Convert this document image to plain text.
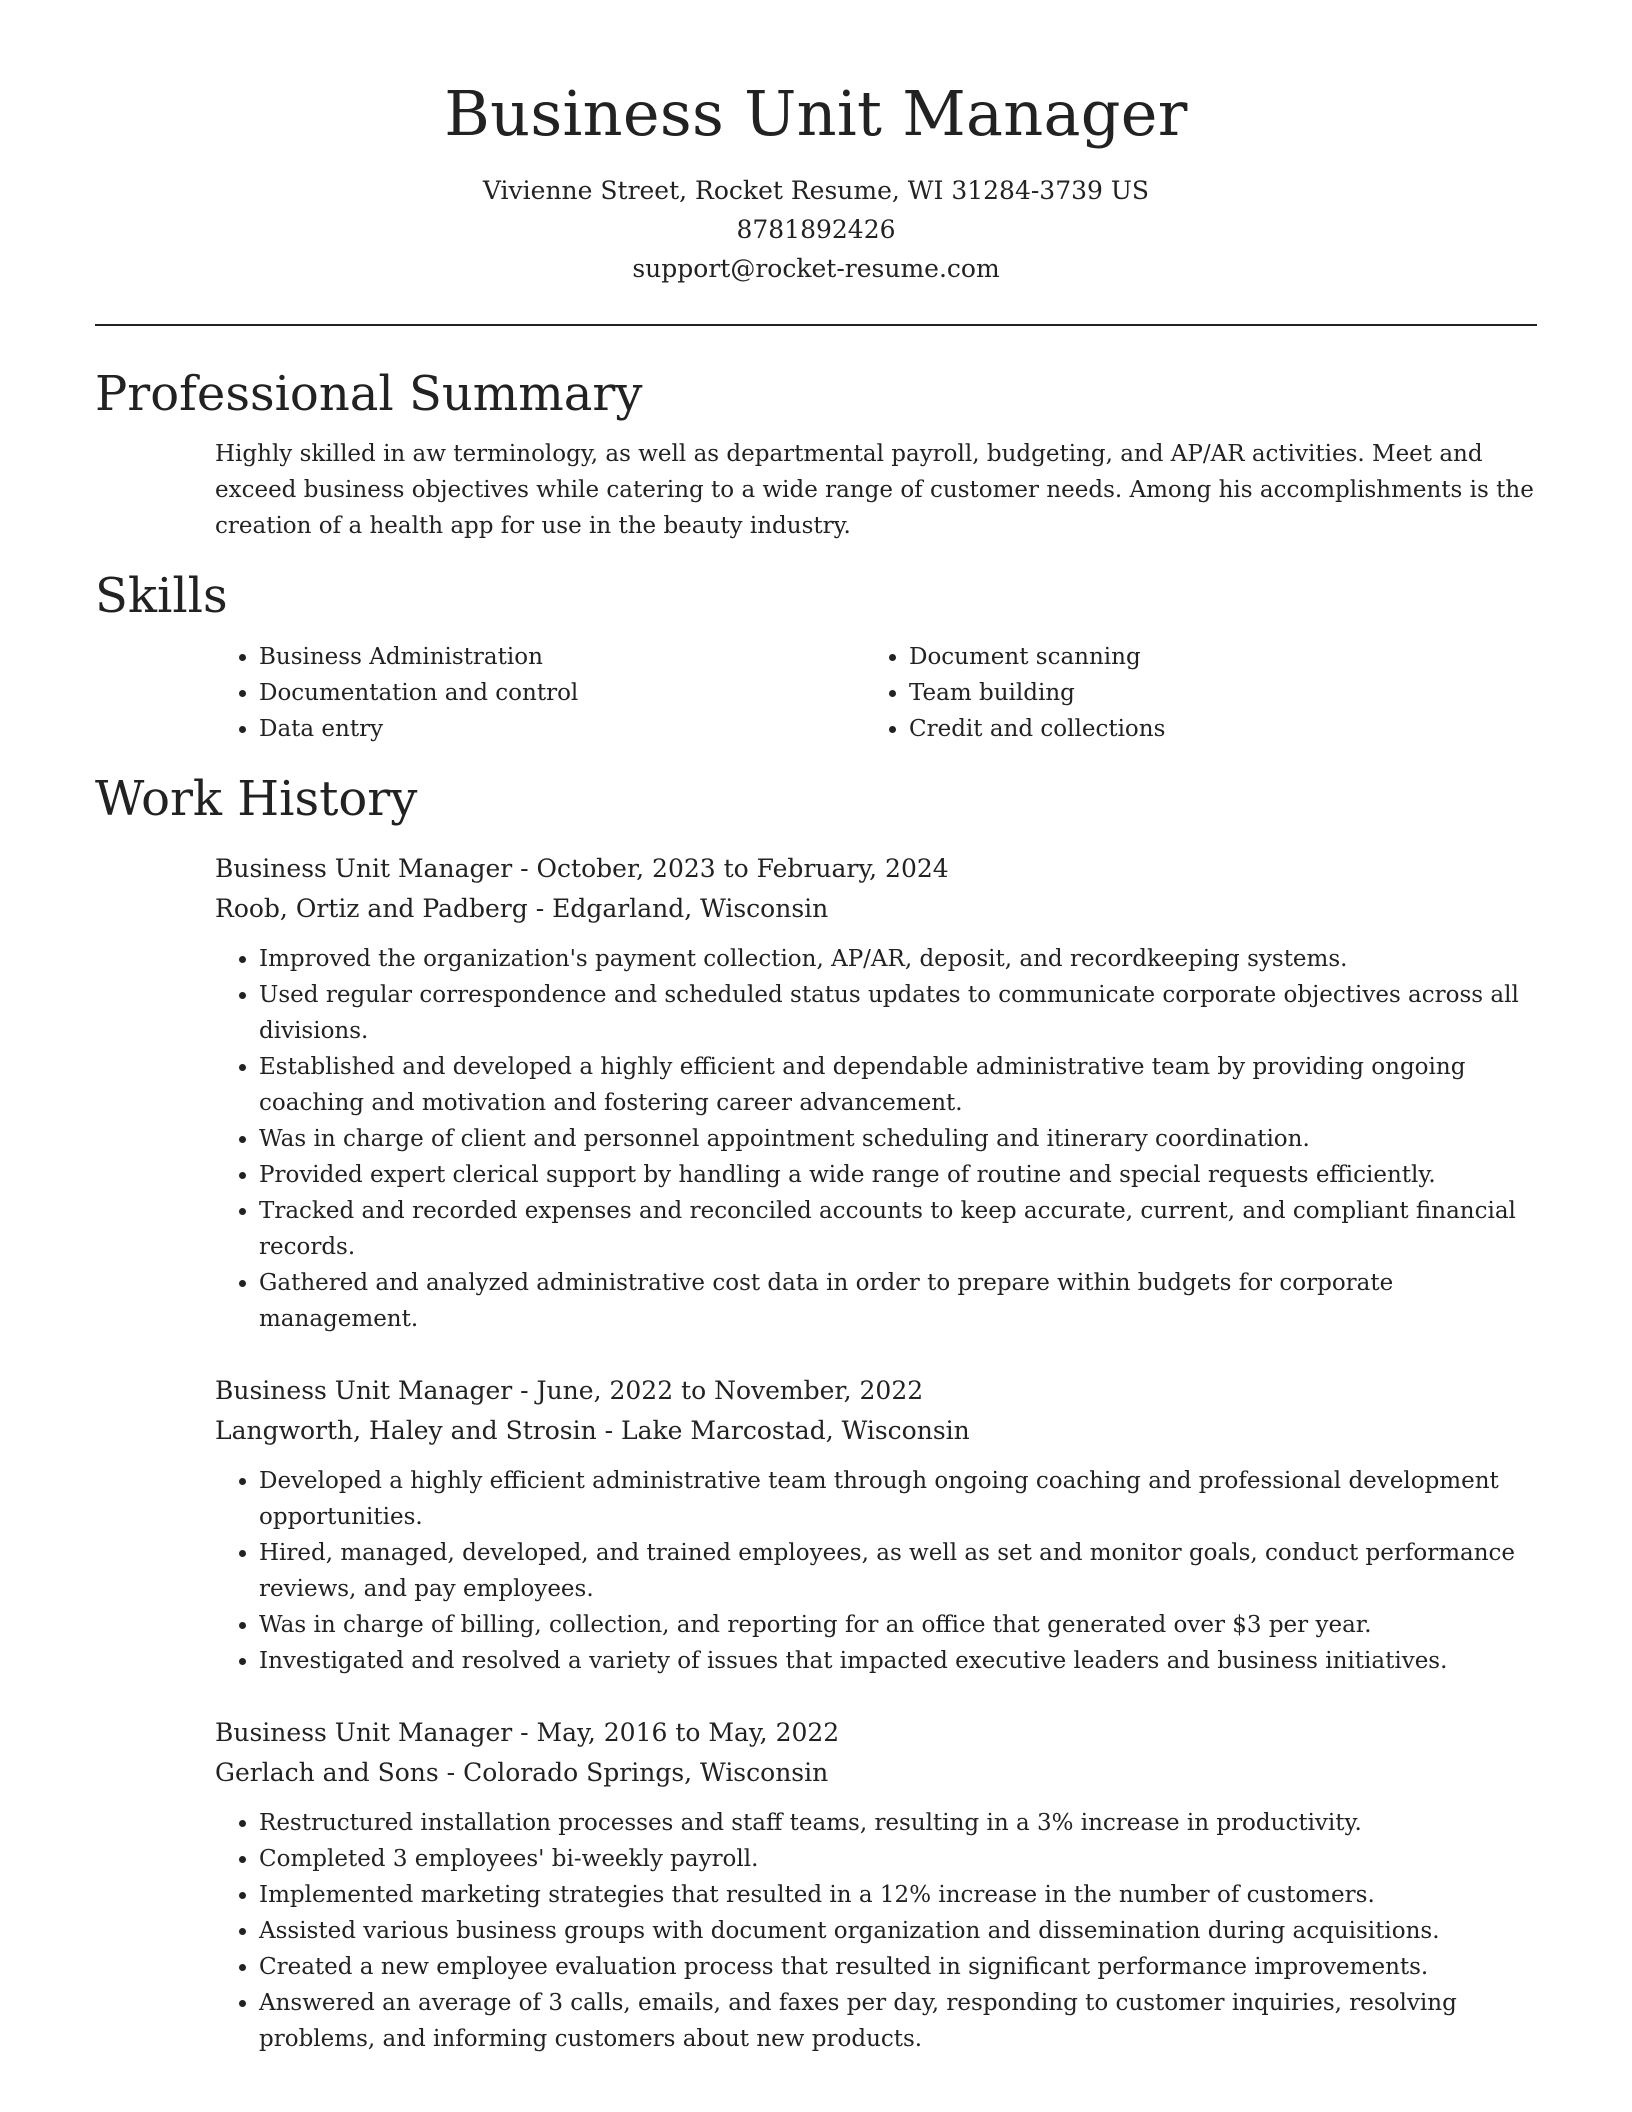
Business Unit Manager
Vivienne Street, Rocket Resume, WI 31284-3739 US
8781892426
support@rocket-resume.com
Professional Summary

Highly skilled in aw terminology, as well as departmental payroll, budgeting, and AP/AR activities. Meet and exceed business objectives while catering to a wide range of customer needs. Among his accomplishments is the creation of a health app for use in the beauty industry.

Skills
• Business Administration
• Documentation and control
• Data entry
• Document scanning
• Team building
• Credit and collections
Work History
Business Unit Manager - October, 2023 to February, 2024
Roob, Ortiz and Padberg - Edgarland, Wisconsin
• Improved the organization's payment collection, AP/AR, deposit, and recordkeeping systems.
• Used regular correspondence and scheduled status updates to communicate corporate objectives across all divisions.
• Established and developed a highly efficient and dependable administrative team by providing ongoing coaching and motivation and fostering career advancement.
• Was in charge of client and personnel appointment scheduling and itinerary coordination.
• Provided expert clerical support by handling a wide range of routine and special requests efficiently.
• Tracked and recorded expenses and reconciled accounts to keep accurate, current, and compliant financial records.
• Gathered and analyzed administrative cost data in order to prepare within budgets for corporate management.
Business Unit Manager - June, 2022 to November, 2022
Langworth, Haley and Strosin - Lake Marcostad, Wisconsin
• Developed a highly efficient administrative team through ongoing coaching and professional development opportunities.
• Hired, managed, developed, and trained employees, as well as set and monitor goals, conduct performance reviews, and pay employees.
• Was in charge of billing, collection, and reporting for an office that generated over $3 per year.
• Investigated and resolved a variety of issues that impacted executive leaders and business initiatives.
Business Unit Manager - May, 2016 to May, 2022
Gerlach and Sons - Colorado Springs, Wisconsin
• Restructured installation processes and staff teams, resulting in a 3% increase in productivity.
• Completed 3 employees' bi-weekly payroll.
• Implemented marketing strategies that resulted in a 12% increase in the number of customers.
• Assisted various business groups with document organization and dissemination during acquisitions.
• Created a new employee evaluation process that resulted in significant performance improvements.
• Answered an average of 3 calls, emails, and faxes per day, responding to customer inquiries, resolving problems, and informing customers about new products.
